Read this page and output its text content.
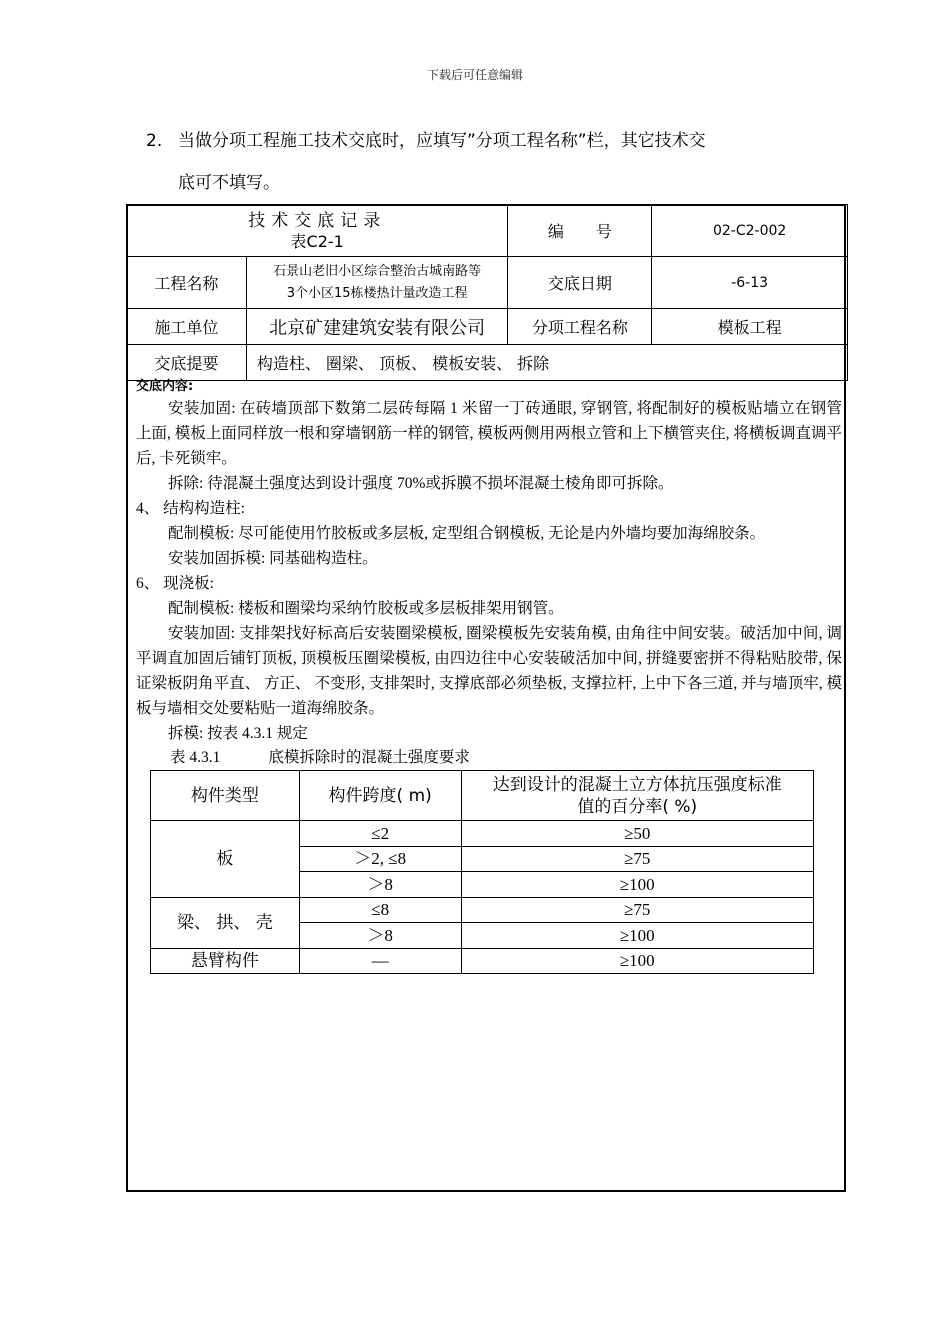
下载后可任意编辑
2. 当做分项工程施工技术交底时，应填写”分项工程名称”栏，其它技术交
底可不填写。
技术交底记录
表C2-1		编　　号	02-C2-002
工程名称	石景山老旧小区综合整治古城南路等
3个小区15栋楼热计量改造工程	交底日期	-6-13
施工单位	北京矿建建筑安装有限公司	分项工程名称	模板工程
交底提要	构造柱、 圈梁、 顶板、 模板安装、 拆除		
交底内容:
安装加固: 在砖墙顶部下数第二层砖每隔 1 米留一丁砖通眼, 穿钢管, 将配制好的模板贴墙立在钢管上面, 模板上面同样放一根和穿墙钢筋一样的钢管, 模板两侧用两根立管和上下横管夹住, 将横板调直调平后, 卡死锁牢。
拆除: 待混凝土强度达到设计强度 70%或拆膜不损坏混凝土棱角即可拆除。
4、 结构构造柱:
配制模板: 尽可能使用竹胶板或多层板, 定型组合钢模板, 无论是内外墙均要加海绵胶条。
安装加固拆模: 同基础构造柱。
6、 现浇板:
配制模板: 楼板和圈梁均采纳竹胶板或多层板排架用钢管。
安装加固: 支排架找好标高后安装圈梁模板, 圈梁模板先安装角模, 由角往中间安装。破活加中间, 调平调直加固后铺钉顶板, 顶模板压圈梁模板, 由四边往中心安装破活加中间, 拼缝要密拼不得粘贴胶带, 保证梁板阴角平直、 方正、 不变形, 支排架时, 支撑底部必须垫板, 支撑拉杆, 上中下各三道, 并与墙顶牢, 模板与墙相交处要粘贴一道海绵胶条。
拆模: 按表 4.3.1 规定
表 4.3.1	底模拆除时的混凝土强度要求
构件类型	构件跨度( m)	达到设计的混凝土立方体抗压强度标准
值的百分率( %)

板	≤2	≥50
	＞2, ≤8	≥75
	＞8	≥100
梁、 拱、 壳	≤8	≥75
	＞8	≥100
悬臂构件	—	≥100
